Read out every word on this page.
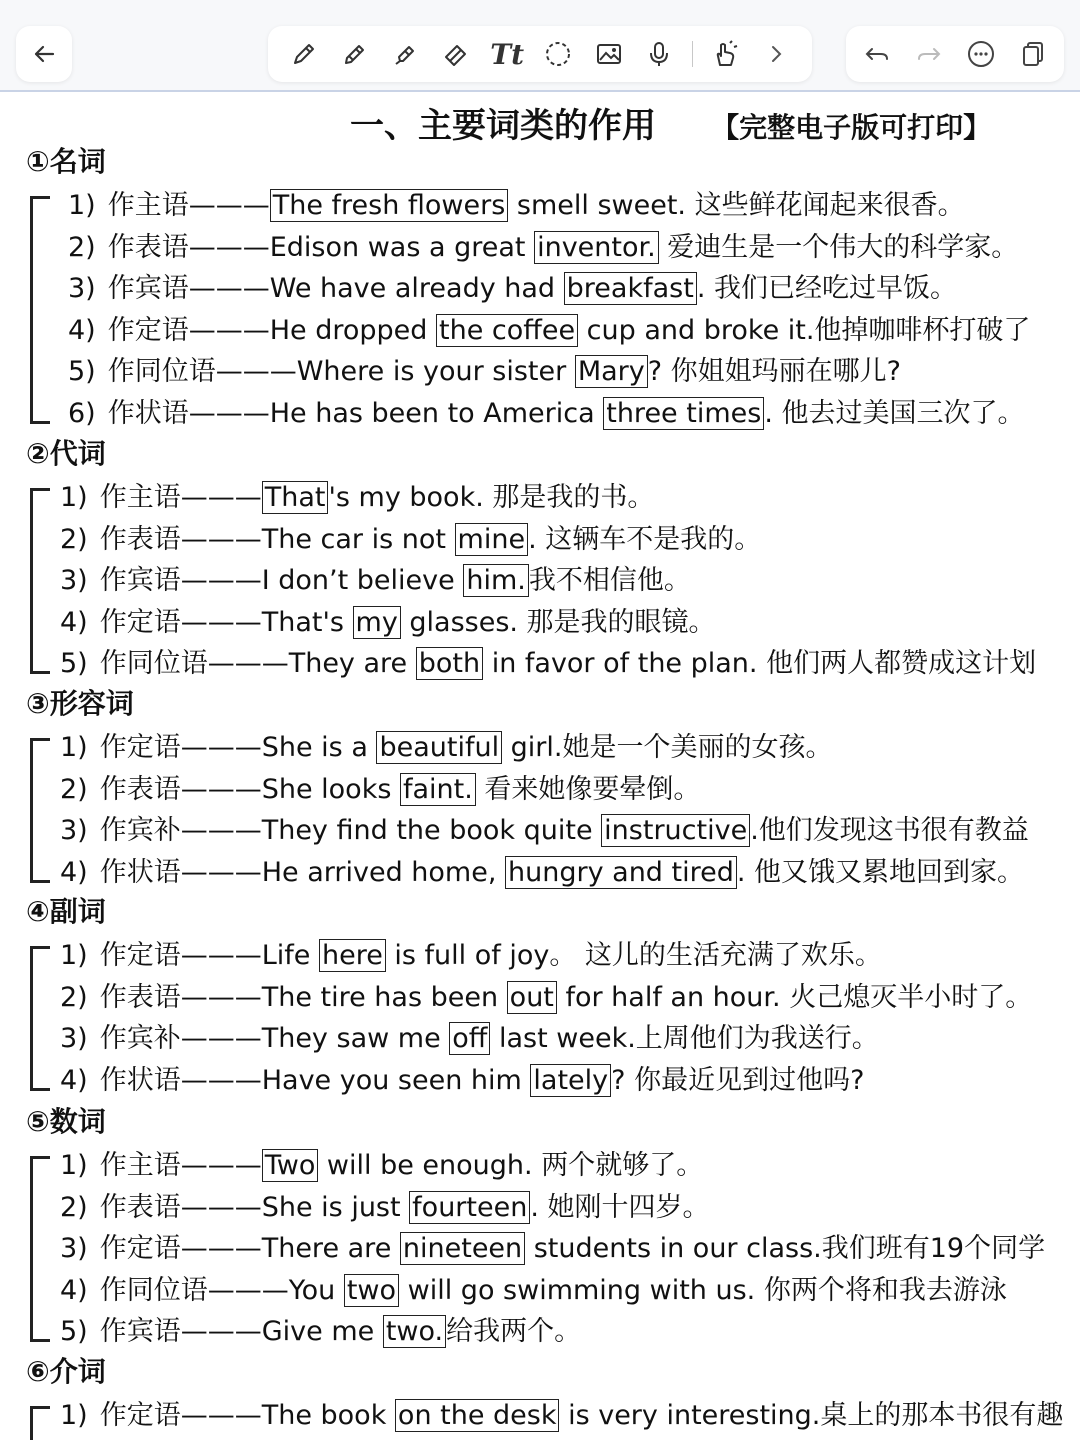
Tt
一、主要词类的作用 【完整电子版可打印】
①名词
1) 作主语——— The fresh flowers smell sweet. 这些鲜花闻起来很香。
2) 作表语———Edison was a great inventor. 爱迪生是一个伟大的科学家。
3) 作宾语———We have already had breakfast . 我们已经吃过早饭。
4) 作定语———He dropped the coffee cup and broke it.他掉咖啡杯打破了
5) 作同位语———Where is your sister Mary ? 你姐姐玛丽在哪儿?
6) 作状语———He has been to America three times . 他去过美国三次了。
②代词
1) 作主语——— That 's my book. 那是我的书。
2) 作表语———The car is not mine . 这辆车不是我的。
3) 作宾语———I don’t believe him. 我不相信他。
4) 作定语———That's my glasses. 那是我的眼镜。
5) 作同位语———They are both in favor of the plan. 他们两人都赞成这计划
③形容词
1) 作定语———She is a beautiful girl.她是一个美丽的女孩。
2) 作表语———She looks faint. 看来她像要晕倒。
3) 作宾补———They find the book quite instructive .他们发现这书很有教益
4) 作状语———He arrived home, hungry and tired . 他又饿又累地回到家。
④副词
1) 作定语———Life here is full of joy。 这儿的生活充满了欢乐。
2) 作表语———The tire has been out for half an hour. 火己熄灭半小时了。
3) 作宾补———They saw me off last week.上周他们为我送行。
4) 作状语———Have you seen him lately ? 你最近见到过他吗?
⑤数词
1) 作主语——— Two will be enough. 两个就够了。
2) 作表语———She is just fourteen . 她刚十四岁。
3) 作定语———There are nineteen students in our class.我们班有19个同学
4) 作同位语———You two will go swimming with us. 你两个将和我去游泳
5) 作宾语———Give me two. 给我两个。
⑥介词
1) 作定语———The book on the desk is very interesting.桌上的那本书很有趣
